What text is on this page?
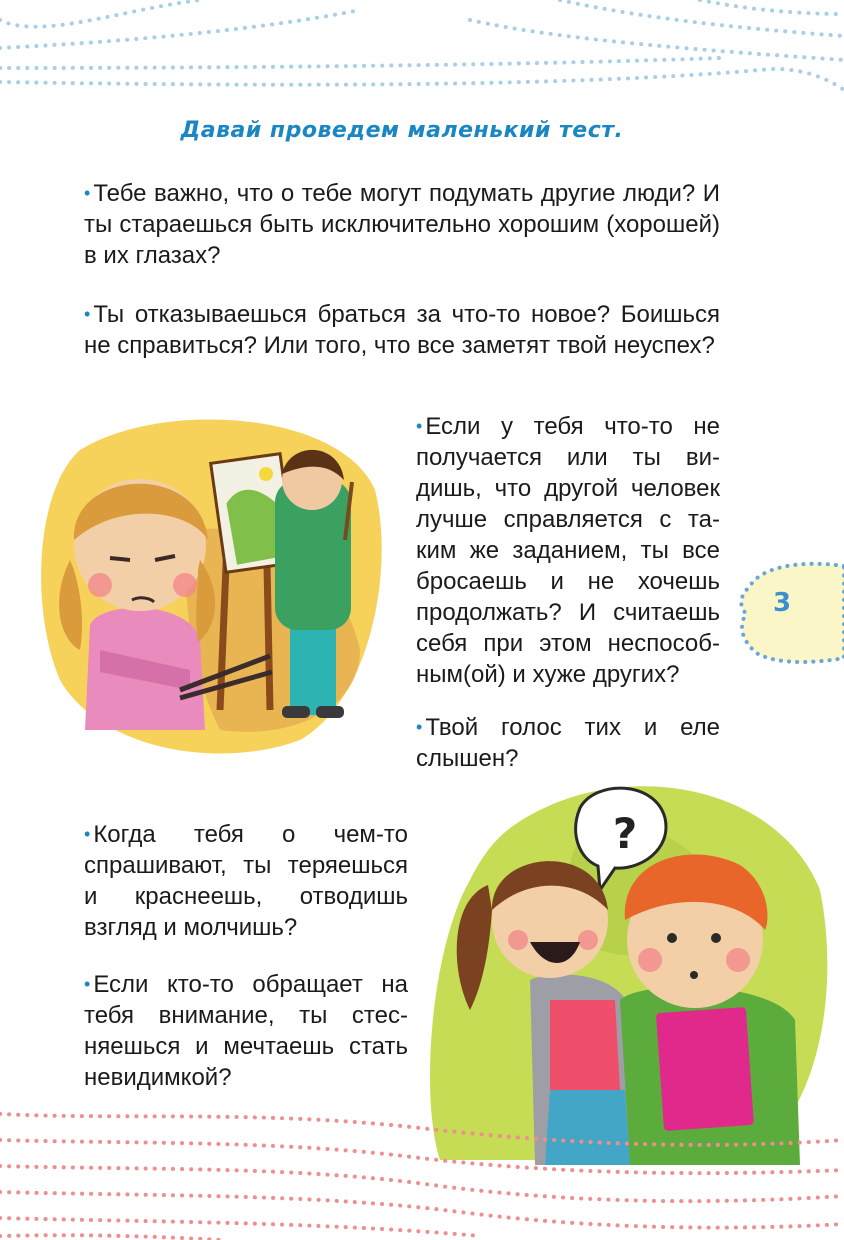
Давай проведем маленький тест.

• Тебе важно, что о тебе могут подумать другие люди? И ты стараешься быть исключительно хорошим (хорошей) в их глазах?

• Ты отказываешься браться за что-то новое? Боишься не справиться? Или того, что все заметят твой неуспех?

• Если у тебя что-то не получается или ты видишь, что другой человек лучше справляется с таким же заданием, ты все бросаешь и не хочешь продолжать? И считаешь себя при этом неспособным(ой) и хуже других?

• Твой голос тих и еле слышен?

• Когда тебя о чем-то спрашивают, ты теряешься и краснеешь, отводишь взгляд и молчишь?

• Если кто-то обращает на тебя внимание, ты стесняешься и мечтаешь стать невидимкой?

3
?
